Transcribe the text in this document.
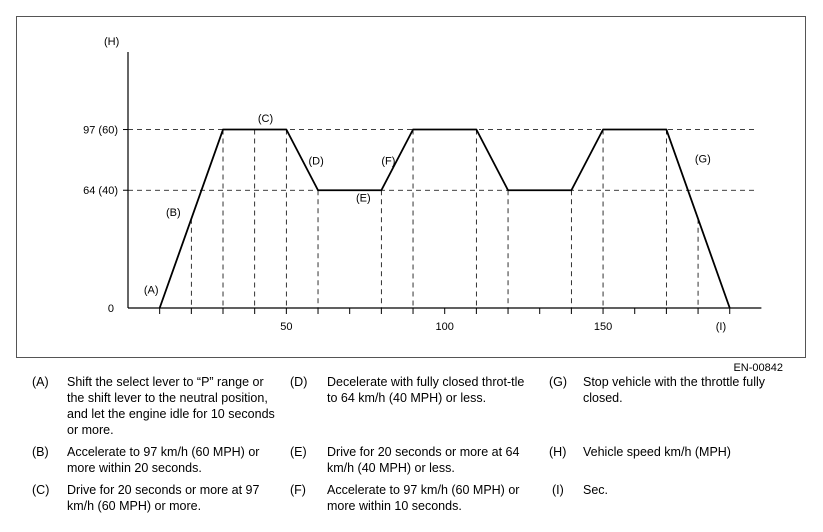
97 (60)
64 (40)
0
50	100	150
(H)
(I)
(A)
(B)
(C)
(D)
(E)
(F)	(G)
EN-00842
(A) Shift the select lever to “P” range or the shift lever to the neutral position, and let the engine idle for 10 seconds or more.
(B) Accelerate to 97 km/h (60 MPH) or more within 20 seconds.
(C) Drive for 20 seconds or more at 97 km/h (60 MPH) or more.
(D) Decelerate with fully closed throt-tle to 64 km/h (40 MPH) or less.
(E) Drive for 20 seconds or more at 64 km/h (40 MPH) or less.
(F) Accelerate to 97 km/h (60 MPH) or more within 10 seconds.
(G) Stop vehicle with the throttle fully closed.
(H) Vehicle speed km/h (MPH)
(I) Sec.
